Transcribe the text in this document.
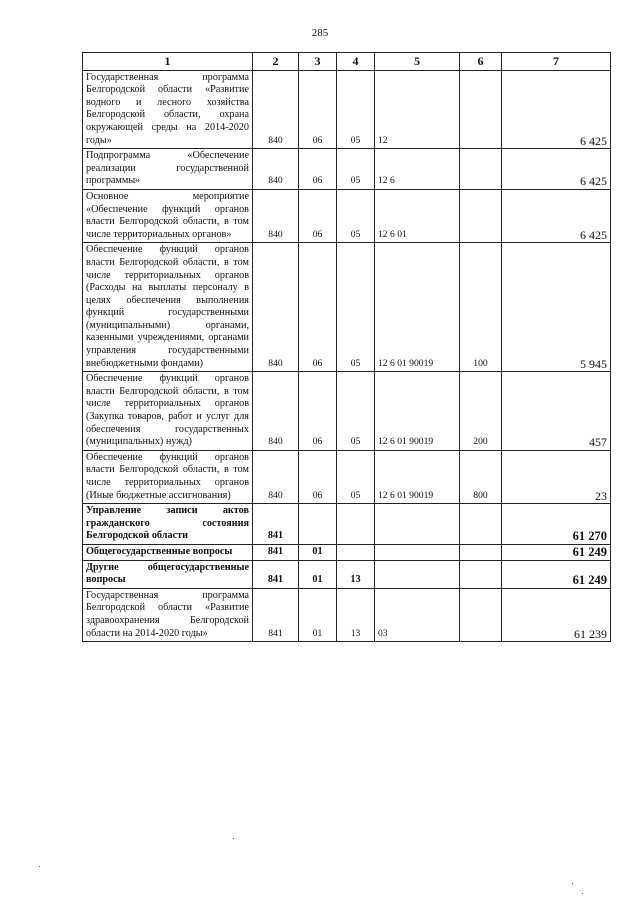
285
1	2	3	4	5	6	7
Государственная программа Белгородской области «Развитие водного и лесного хозяйства Белгородской области, охрана окружающей среды на 2014-2020 годы»	840	06	05	12		6 425
Подпрограмма «Обеспечение реализации государственной программы»	840	06	05	12 6		6 425
Основное мероприятие «Обеспечение функций органов власти Белгородской области, в том числе территориальных органов»	840	06	05	12 6 01		6 425
Обеспечение функций органов власти Белгородской области, в том числе территориальных органов (Расходы на выплаты персоналу в целях обеспечения выполнения функций государственными (муниципальными) органами, казенными учреждениями, органами управления государственными внебюджетными фондами)	840	06	05	12 6 01 90019	100	5 945
Обеспечение функций органов власти Белгородской области, в том числе территориальных органов (Закупка товаров, работ и услуг для обеспечения государственных (муниципальных) нужд)	840	06	05	12 6 01 90019	200	457
Обеспечение функций органов власти Белгородской области, в том числе территориальных органов (Иные бюджетные ассигнования)	840	06	05	12 6 01 90019	800	23
Управление записи актов гражданского состояния Белгородской области	841					61 270
Общегосударственные вопросы	841	01				61 249
Другие общегосударственные вопросы	841	01	13			61 249
Государственная программа Белгородской области «Развитие здравоохранения Белгородской области на 2014-2020 годы»	841	01	13	03		61 239
